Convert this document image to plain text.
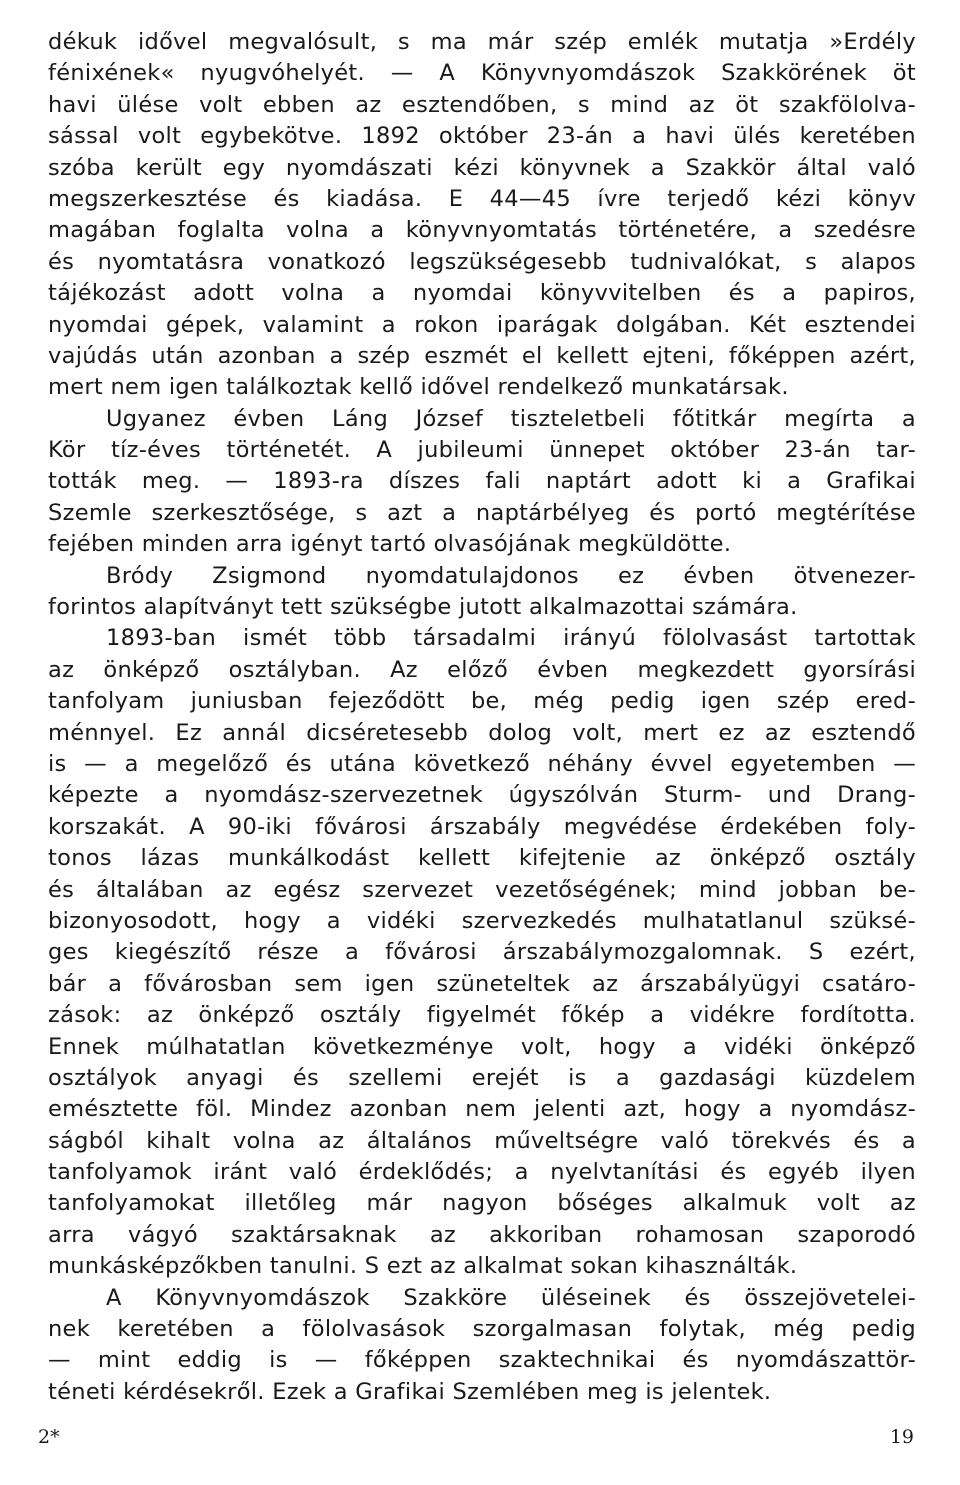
dékuk idővel megvalósult, s ma már szép emlék mutatja »Erdély
fénixének« nyugvóhelyét. — A Könyvnyomdászok Szakkörének öt
havi ülése volt ebben az esztendőben, s mind az öt szakfölolva-
sással volt egybekötve. 1892 október 23-án a havi ülés keretében
szóba került egy nyomdászati kézi könyvnek a Szakkör által való
megszerkesztése és kiadása. E 44—45 ívre terjedő kézi könyv
magában foglalta volna a könyvnyomtatás történetére, a szedésre
és nyomtatásra vonatkozó legszükségesebb tudnivalókat, s alapos
tájékozást adott volna a nyomdai könyvvitelben és a papiros,
nyomdai gépek, valamint a rokon iparágak dolgában. Két esztendei
vajúdás után azonban a szép eszmét el kellett ejteni, főképpen azért,
mert nem igen találkoztak kellő idővel rendelkező munkatársak.
Ugyanez évben Láng József tiszteletbeli főtitkár megírta a
Kör tíz-éves történetét. A jubileumi ünnepet október 23-án tar-
tották meg. — 1893-ra díszes fali naptárt adott ki a Grafikai
Szemle szerkesztősége, s azt a naptárbélyeg és portó megtérítése
fejében minden arra igényt tartó olvasójának megküldötte.
Bródy Zsigmond nyomdatulajdonos ez évben ötvenezer-
forintos alapítványt tett szükségbe jutott alkalmazottai számára.
1893-ban ismét több társadalmi irányú fölolvasást tartottak
az önképző osztályban. Az előző évben megkezdett gyorsírási
tanfolyam juniusban fejeződött be, még pedig igen szép ered-
ménnyel. Ez annál dicséretesebb dolog volt, mert ez az esztendő
is — a megelőző és utána következő néhány évvel egyetemben —
képezte a nyomdász-szervezetnek úgyszólván Sturm- und Drang-
korszakát. A 90-iki fővárosi árszabály megvédése érdekében foly-
tonos lázas munkálkodást kellett kifejtenie az önképző osztály
és általában az egész szervezet vezetőségének; mind jobban be-
bizonyosodott, hogy a vidéki szervezkedés mulhatatlanul szüksé-
ges kiegészítő része a fővárosi árszabálymozgalomnak. S ezért,
bár a fővárosban sem igen szüneteltek az árszabályügyi csatáro-
zások: az önképző osztály figyelmét főkép a vidékre fordította.
Ennek múlhatatlan következménye volt, hogy a vidéki önképző
osztályok anyagi és szellemi erejét is a gazdasági küzdelem
emésztette föl. Mindez azonban nem jelenti azt, hogy a nyomdász-
ságból kihalt volna az általános műveltségre való törekvés és a
tanfolyamok iránt való érdeklődés; a nyelvtanítási és egyéb ilyen
tanfolyamokat illetőleg már nagyon bőséges alkalmuk volt az
arra vágyó szaktársaknak az akkoriban rohamosan szaporodó
munkásképzőkben tanulni. S ezt az alkalmat sokan kihasználták.
A Könyvnyomdászok Szakköre üléseinek és összejövetelei-
nek keretében a fölolvasások szorgalmasan folytak, még pedig
— mint eddig is — főképpen szaktechnikai és nyomdászattör-
téneti kérdésekről. Ezek a Grafikai Szemlében meg is jelentek.
2*	19
